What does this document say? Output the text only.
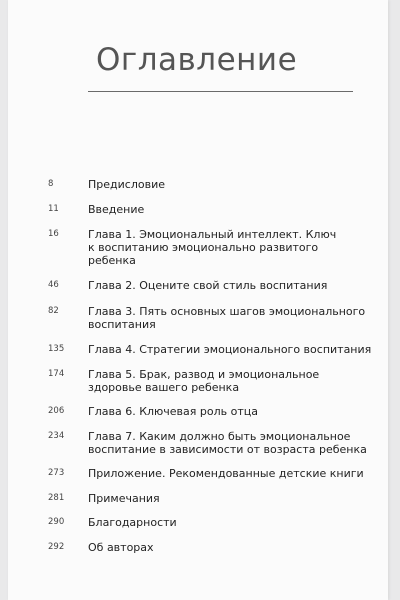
Оглавление
8	Предисловие
11	Введение
16	Глава 1. Эмоциональный интеллект. Ключ
к воспитанию эмоционально развитого
ребенка
46	Глава 2. Оцените свой стиль воспитания
82	Глава 3. Пять основных шагов эмоционального
воспитания
135 Глава 4. Стратегии эмоционального воспитания
174 Глава 5. Брак, развод и эмоциональное
здоровье вашего ребенка
206 Глава 6. Ключевая роль отца
234 Глава 7. Каким должно быть эмоциональное
воспитание в зависимости от возраста ребенка
273 Приложение. Рекомендованные детские книги
281 Примечания
290 Благодарности
292 Об авторах
